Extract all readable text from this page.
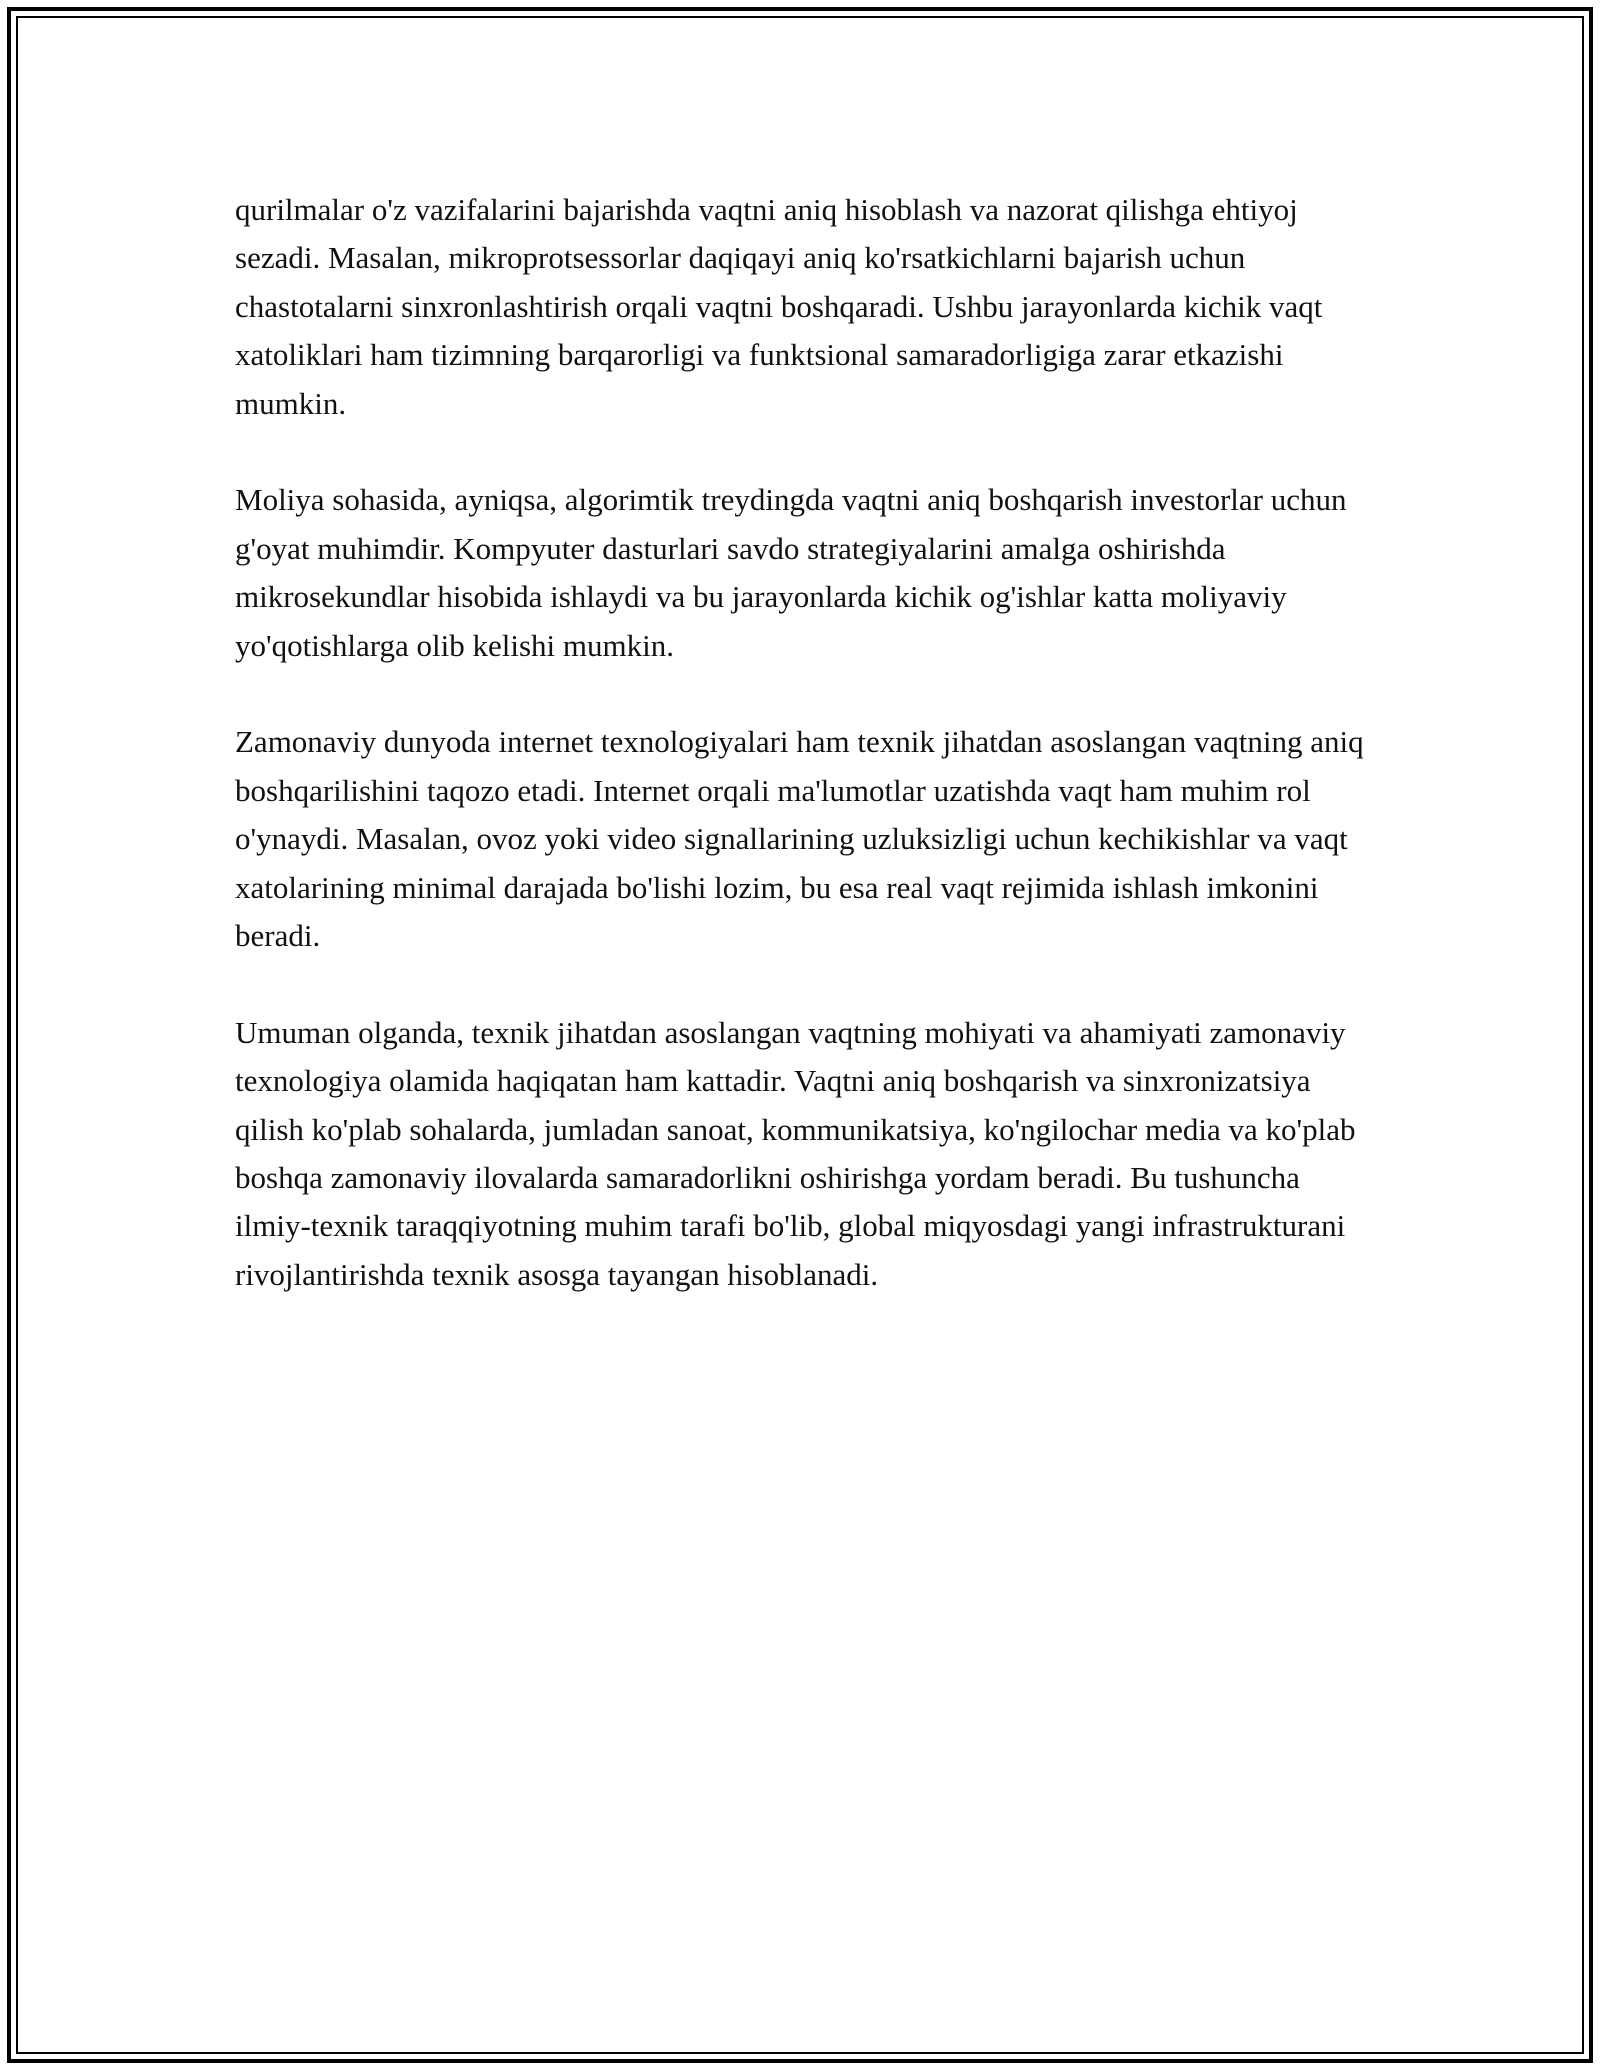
qurilmalar o'z vazifalarini bajarishda vaqtni aniq hisoblash va nazorat qilishga ehtiyoj sezadi. Masalan, mikroprotsessorlar daqiqayi aniq ko'rsatkichlarni bajarish uchun chastotalarni sinxronlashtirish orqali vaqtni boshqaradi. Ushbu jarayonlarda kichik vaqt xatoliklari ham tizimning barqarorligi va funktsional samaradorligiga zarar etkazishi mumkin.

Moliya sohasida, ayniqsa, algorimtik treydingda vaqtni aniq boshqarish investorlar uchun g'oyat muhimdir. Kompyuter dasturlari savdo strategiyalarini amalga oshirishda mikrosekundlar hisobida ishlaydi va bu jarayonlarda kichik og'ishlar katta moliyaviy yo'qotishlarga olib kelishi mumkin.

Zamonaviy dunyoda internet texnologiyalari ham texnik jihatdan asoslangan vaqtning aniq boshqarilishini taqozo etadi. Internet orqali ma'lumotlar uzatishda vaqt ham muhim rol o'ynaydi. Masalan, ovoz yoki video signallarining uzluksizligi uchun kechikishlar va vaqt xatolarining minimal darajada bo'lishi lozim, bu esa real vaqt rejimida ishlash imkonini beradi.

Umuman olganda, texnik jihatdan asoslangan vaqtning mohiyati va ahamiyati zamonaviy texnologiya olamida haqiqatan ham kattadir. Vaqtni aniq boshqarish va sinxronizatsiya qilish ko'plab sohalarda, jumladan sanoat, kommunikatsiya, ko'ngilochar media va ko'plab boshqa zamonaviy ilovalarda samaradorlikni oshirishga yordam beradi. Bu tushuncha ilmiy-texnik taraqqiyotning muhim tarafi bo'lib, global miqyosdagi yangi infrastrukturani rivojlantirishda texnik asosga tayangan hisoblanadi.
